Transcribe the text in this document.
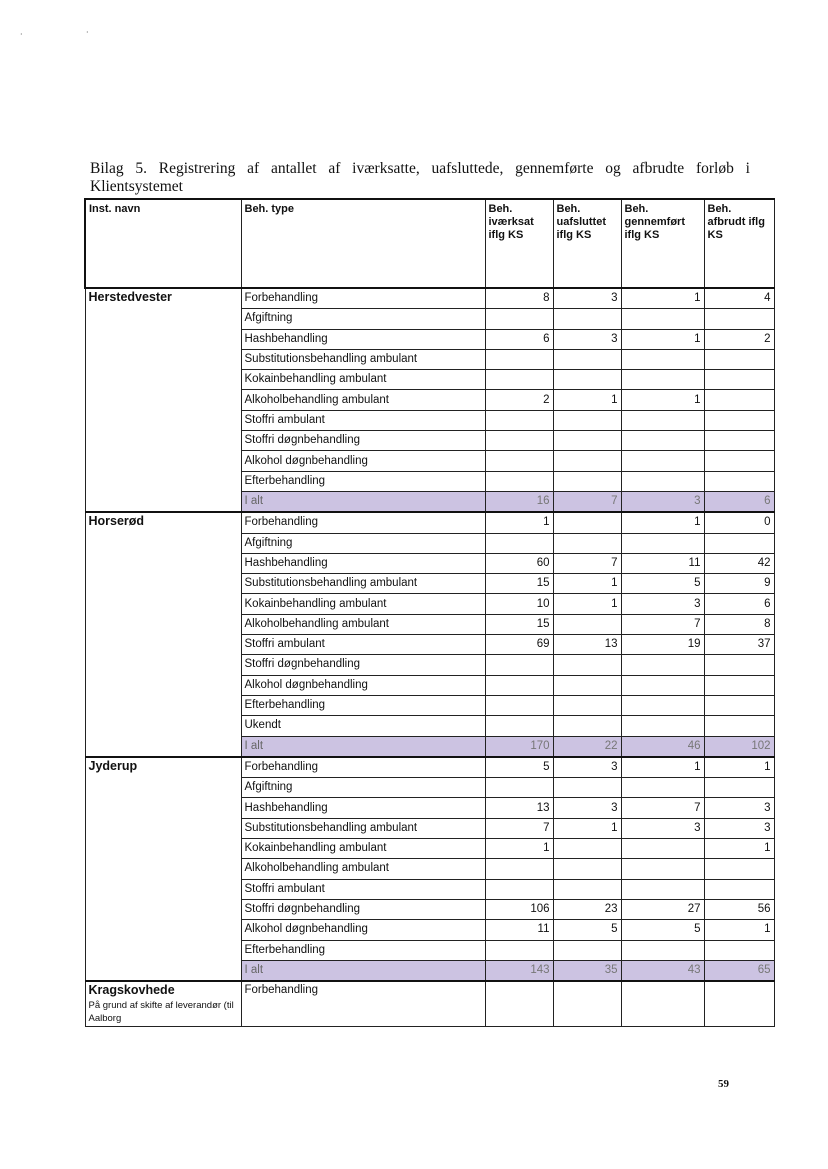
·	·
Bilag 5. Registrering af antallet af iværksatte, uafsluttede, gennemførte og afbrudte forløb i
Klientsystemet
Inst. navn	Beh. type	Beh. iværksat iflg KS	Beh. uafsluttet iflg KS	Beh. gennemført iflg KS	Beh. afbrudt iflg KS
Herstedvester	Forbehandling	8	3	1	4
	Afgiftning				
	Hashbehandling	6	3	1	2
	Substitutionsbehandling ambulant				
	Kokainbehandling ambulant				
	Alkoholbehandling ambulant	2	1	1	
	Stoffri ambulant				
	Stoffri døgnbehandling				
	Alkohol døgnbehandling				
	Efterbehandling				
	I alt	16	7	3	6
Horserød	Forbehandling	1		1	0
	Afgiftning				
	Hashbehandling	60	7	11	42
	Substitutionsbehandling ambulant	15	1	5	9
	Kokainbehandling ambulant	10	1	3	6
	Alkoholbehandling ambulant	15		7	8
	Stoffri ambulant	69	13	19	37
	Stoffri døgnbehandling				
	Alkohol døgnbehandling				
	Efterbehandling				
	Ukendt				
	I alt	170	22	46	102
Jyderup	Forbehandling	5	3	1	1
	Afgiftning				
	Hashbehandling	13	3	7	3
	Substitutionsbehandling ambulant	7	1	3	3
	Kokainbehandling ambulant	1			1
	Alkoholbehandling ambulant				
	Stoffri ambulant				
	Stoffri døgnbehandling	106	23	27	56
	Alkohol døgnbehandling	11	5	5	1
	Efterbehandling				
	I alt	143	35	43	65
Kragskovhede
På grund af skifte af leverandør (til Aalborg	Forbehandling				
59
